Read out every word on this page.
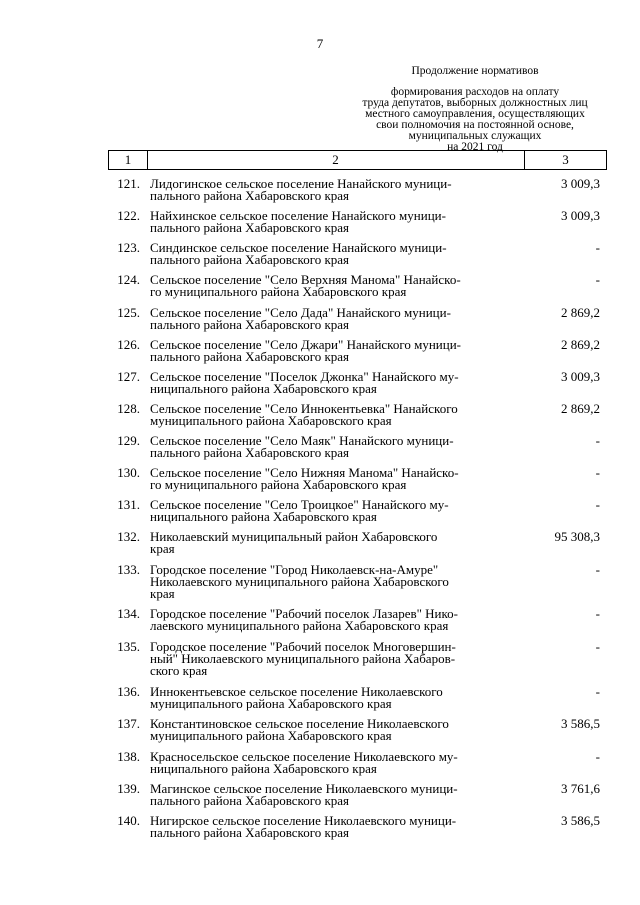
7
Продолжение нормативов
формирования расходов на оплату
труда депутатов, выборных должностных лиц
местного самоуправления, осуществляющих
свои полномочия на постоянной основе,
муниципальных служащих
на 2021 год
1	2	3
121. Лидогинское сельское поселение Нанайского муници-
пального района Хабаровского края
3 009,3
122. Найхинское сельское поселение Нанайского муници-
пального района Хабаровского края
3 009,3
123. Синдинское сельское поселение Нанайского муници-
пального района Хабаровского края
-
124. Сельское поселение "Село Верхняя Манома" Нанайско-
го муниципального района Хабаровского края
-
125. Сельское поселение "Село Дада" Нанайского муници-
пального района Хабаровского края
2 869,2
126. Сельское поселение "Село Джари" Нанайского муници-
пального района Хабаровского края
2 869,2
127. Сельское поселение "Поселок Джонка" Нанайского му-
ниципального района Хабаровского края
3 009,3
128. Сельское поселение "Село Иннокентьевка" Нанайского
муниципального района Хабаровского края
2 869,2
129. Сельское поселение "Село Маяк" Нанайского муници-
пального района Хабаровского края
-
130. Сельское поселение "Село Нижняя Манома" Нанайско-
го муниципального района Хабаровского края
-
131. Сельское поселение "Село Троицкое" Нанайского му-
ниципального района Хабаровского края
-
132. Николаевский муниципальный район Хабаровского
края
95 308,3
133. Городское поселение "Город Николаевск-на-Амуре"
Николаевского муниципального района Хабаровского
края
-
134. Городское поселение "Рабочий поселок Лазарев" Нико-
лаевского муниципального района Хабаровского края
-
135. Городское поселение "Рабочий поселок Многовершин-
ный" Николаевского муниципального района Хабаров-
ского края
-
136. Иннокентьевское сельское поселение Николаевского
муниципального района Хабаровского края
-
137. Константиновское сельское поселение Николаевского
муниципального района Хабаровского края
3 586,5
138. Красносельское сельское поселение Николаевского му-
ниципального района Хабаровского края
-
139. Магинское сельское поселение Николаевского муници-
пального района Хабаровского края
3 761,6
140. Нигирское сельское поселение Николаевского муници-
пального района Хабаровского края
3 586,5
